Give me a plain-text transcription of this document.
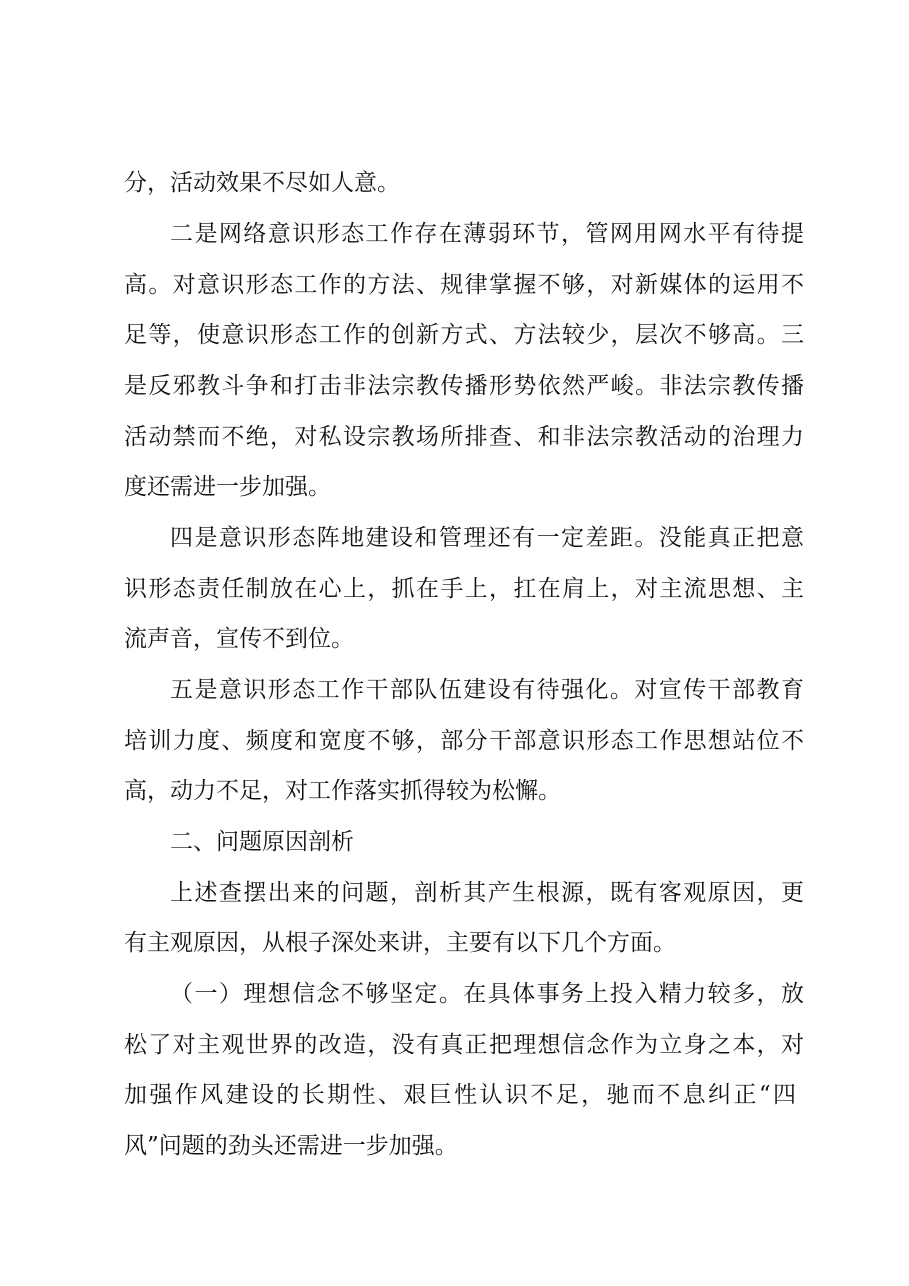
分，活动效果不尽如人意。
二是网络意识形态工作存在薄弱环节，管网用网水平有待提
高。对意识形态工作的方法、规律掌握不够，对新媒体的运用不
足等，使意识形态工作的创新方式、方法较少，层次不够高。三
是反邪教斗争和打击非法宗教传播形势依然严峻。非法宗教传播
活动禁而不绝，对私设宗教场所排查、和非法宗教活动的治理力
度还需进一步加强。
四是意识形态阵地建设和管理还有一定差距。没能真正把意
识形态责任制放在心上，抓在手上，扛在肩上，对主流思想、主
流声音，宣传不到位。
五是意识形态工作干部队伍建设有待强化。对宣传干部教育
培训力度、频度和宽度不够，部分干部意识形态工作思想站位不
高，动力不足，对工作落实抓得较为松懈。
二、问题原因剖析
上述查摆出来的问题，剖析其产生根源，既有客观原因，更
有主观原因，从根子深处来讲，主要有以下几个方面。
（一）理想信念不够坚定。在具体事务上投入精力较多，放
松了对主观世界的改造，没有真正把理想信念作为立身之本，对
加强作风建设的长期性、艰巨性认识不足，驰而不息纠正“四
风”问题的劲头还需进一步加强。
